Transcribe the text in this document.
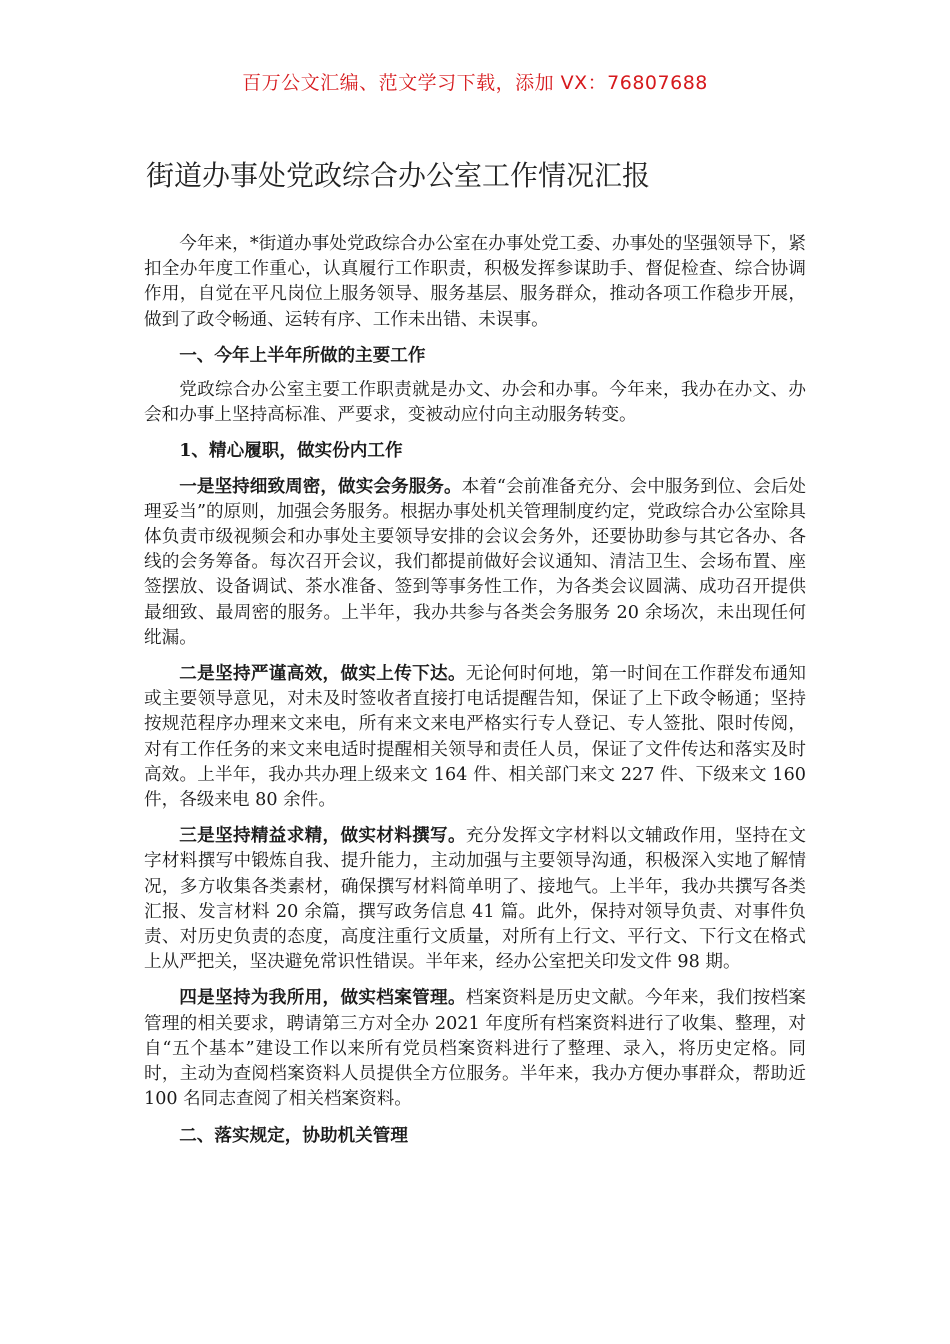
百万公文汇编、范文学习下载，添加 VX：76807688
街道办事处党政综合办公室工作情况汇报

今年来，*街道办事处党政综合办公室在办事处党工委、办事处的坚强领导下，紧扣全办年度工作重心，认真履行工作职责，积极发挥参谋助手、督促检查、综合协调作用，自觉在平凡岗位上服务领导、服务基层、服务群众，推动各项工作稳步开展，做到了政令畅通、运转有序、工作未出错、未误事。

一、今年上半年所做的主要工作

党政综合办公室主要工作职责就是办文、办会和办事。今年来，我办在办文、办会和办事上坚持高标准、严要求，变被动应付向主动服务转变。

1、精心履职，做实份内工作

一是坚持细致周密，做实会务服务。本着“会前准备充分、会中服务到位、会后处理妥当”的原则，加强会务服务。根据办事处机关管理制度约定，党政综合办公室除具体负责市级视频会和办事处主要领导安排的会议会务外，还要协助参与其它各办、各线的会务筹备。每次召开会议，我们都提前做好会议通知、清洁卫生、会场布置、座签摆放、设备调试、茶水准备、签到等事务性工作，为各类会议圆满、成功召开提供最细致、最周密的服务。上半年，我办共参与各类会务服务 20 余场次，未出现任何纰漏。

二是坚持严谨高效，做实上传下达。无论何时何地，第一时间在工作群发布通知或主要领导意见，对未及时签收者直接打电话提醒告知，保证了上下政令畅通；坚持按规范程序办理来文来电，所有来文来电严格实行专人登记、专人签批、限时传阅，对有工作任务的来文来电适时提醒相关领导和责任人员，保证了文件传达和落实及时高效。上半年，我办共办理上级来文 164 件、相关部门来文 227 件、下级来文 160 件，各级来电 80 余件。

三是坚持精益求精，做实材料撰写。充分发挥文字材料以文辅政作用，坚持在文字材料撰写中锻炼自我、提升能力，主动加强与主要领导沟通，积极深入实地了解情况，多方收集各类素材，确保撰写材料简单明了、接地气。上半年，我办共撰写各类汇报、发言材料 20 余篇，撰写政务信息 41 篇。此外，保持对领导负责、对事件负责、对历史负责的态度，高度注重行文质量，对所有上行文、平行文、下行文在格式上从严把关，坚决避免常识性错误。半年来，经办公室把关印发文件 98 期。

四是坚持为我所用，做实档案管理。档案资料是历史文献。今年来，我们按档案管理的相关要求，聘请第三方对全办 2021 年度所有档案资料进行了收集、整理，对自“五个基本”建设工作以来所有党员档案资料进行了整理、录入，将历史定格。同时，主动为查阅档案资料人员提供全方位服务。半年来，我办方便办事群众，帮助近 100 名同志查阅了相关档案资料。

二、落实规定，协助机关管理
